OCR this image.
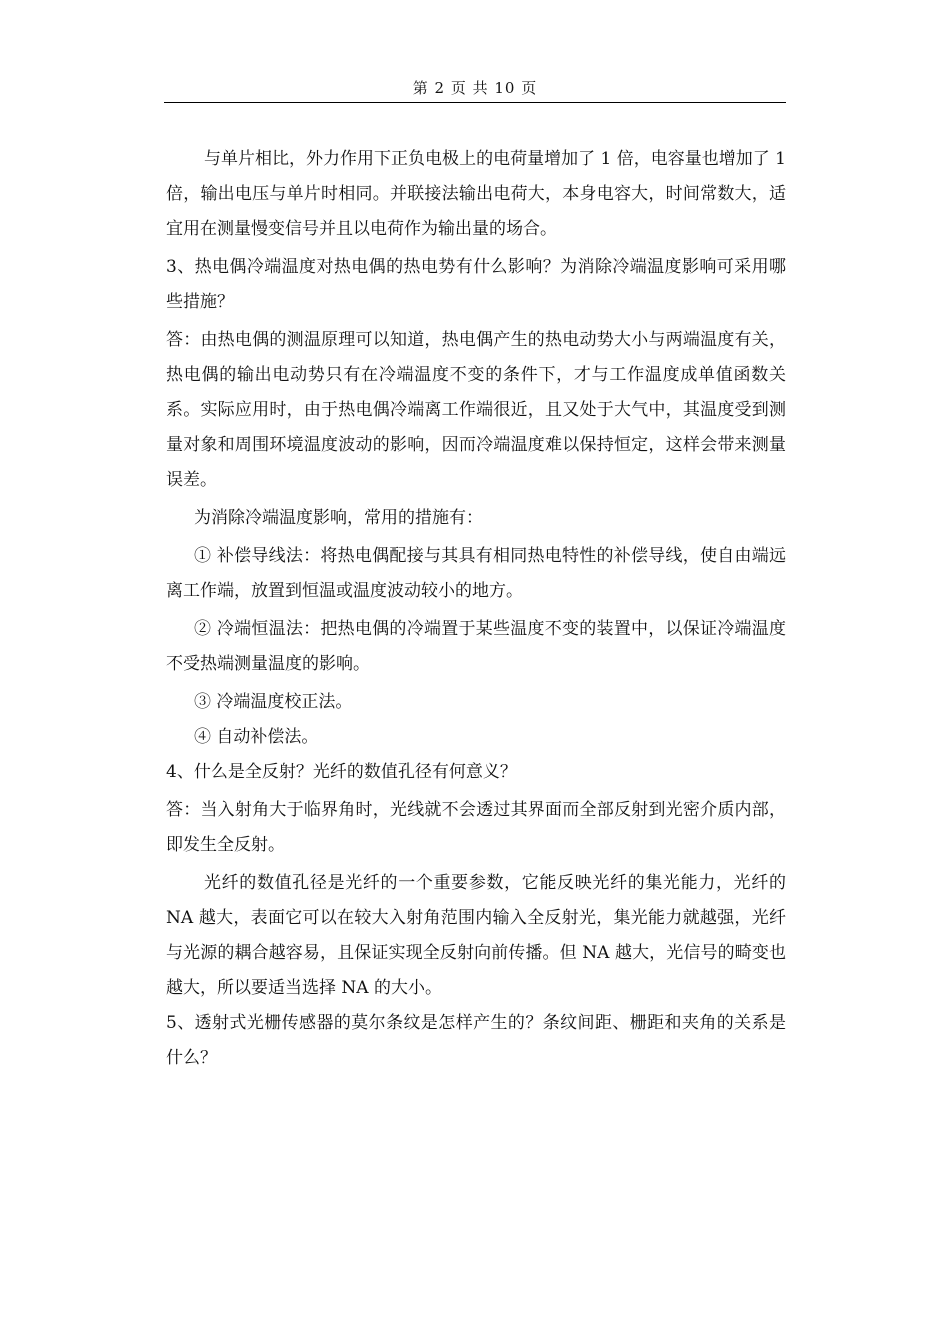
第 2 页 共 10 页

与单片相比，外力作用下正负电极上的电荷量增加了 1 倍，电容量也增加了 1 倍，输出电压与单片时相同。并联接法输出电荷大，本身电容大，时间常数大，适宜用在测量慢变信号并且以电荷作为输出量的场合。

3、热电偶冷端温度对热电偶的热电势有什么影响？为消除冷端温度影响可采用哪些措施？

答：由热电偶的测温原理可以知道，热电偶产生的热电动势大小与两端温度有关，热电偶的输出电动势只有在冷端温度不变的条件下，才与工作温度成单值函数关系。实际应用时，由于热电偶冷端离工作端很近，且又处于大气中，其温度受到测量对象和周围环境温度波动的影响，因而冷端温度难以保持恒定，这样会带来测量误差。

为消除冷端温度影响，常用的措施有：

① 补偿导线法：将热电偶配接与其具有相同热电特性的补偿导线，使自由端远离工作端，放置到恒温或温度波动较小的地方。

② 冷端恒温法：把热电偶的冷端置于某些温度不变的装置中，以保证冷端温度不受热端测量温度的影响。

③ 冷端温度校正法。

④ 自动补偿法。

4、什么是全反射？光纤的数值孔径有何意义？

答：当入射角大于临界角时，光线就不会透过其界面而全部反射到光密介质内部，即发生全反射。

光纤的数值孔径是光纤的一个重要参数，它能反映光纤的集光能力，光纤的 NA 越大，表面它可以在较大入射角范围内输入全反射光，集光能力就越强，光纤与光源的耦合越容易，且保证实现全反射向前传播。但 NA 越大，光信号的畸变也越大，所以要适当选择 NA 的大小。

5、透射式光栅传感器的莫尔条纹是怎样产生的？条纹间距、栅距和夹角的关系是什么？
